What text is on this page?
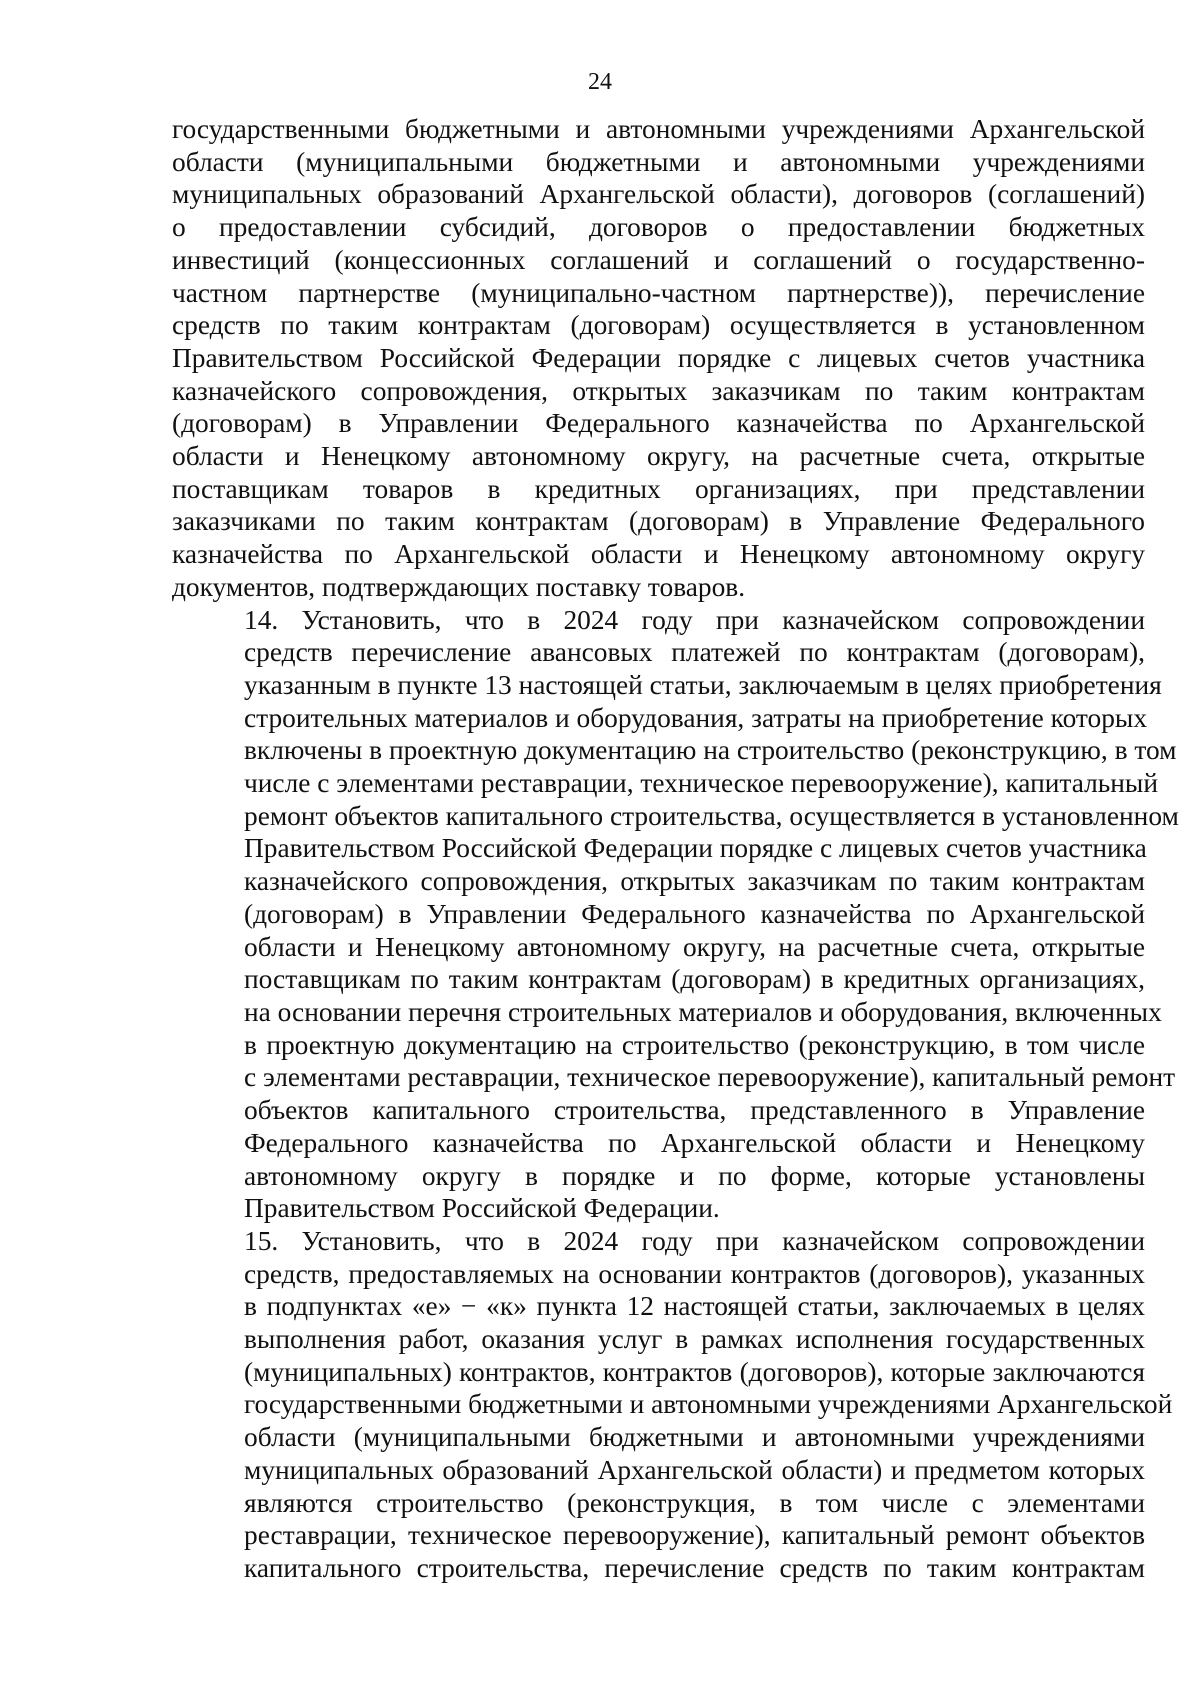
24

государственными бюджетными и автономными учреждениями Архангельской
области (муниципальными бюджетными и автономными учреждениями
муниципальных образований Архангельской области), договоров (соглашений)
о предоставлении субсидий, договоров о предоставлении бюджетных
инвестиций (концессионных соглашений и соглашений о государственно-
частном партнерстве (муниципально-частном партнерстве)), перечисление
средств по таким контрактам (договорам) осуществляется в установленном
Правительством Российской Федерации порядке с лицевых счетов участника
казначейского сопровождения, открытых заказчикам по таким контрактам
(договорам) в Управлении Федерального казначейства по Архангельской
области и Ненецкому автономному округу, на расчетные счета, открытые
поставщикам товаров в кредитных организациях, при представлении
заказчиками по таким контрактам (договорам) в Управление Федерального
казначейства по Архангельской области и Ненецкому автономному округу
документов, подтверждающих поставку товаров.

14. Установить, что в 2024 году при казначейском сопровождении
средств перечисление авансовых платежей по контрактам (договорам),
указанным в пункте 13 настоящей статьи, заключаемым в целях приобретения
строительных материалов и оборудования, затраты на приобретение которых
включены в проектную документацию на строительство (реконструкцию, в том
числе с элементами реставрации, техническое перевооружение), капитальный
ремонт объектов капитального строительства, осуществляется в установленном
Правительством Российской Федерации порядке с лицевых счетов участника
казначейского сопровождения, открытых заказчикам по таким контрактам
(договорам) в Управлении Федерального казначейства по Архангельской
области и Ненецкому автономному округу, на расчетные счета, открытые
поставщикам по таким контрактам (договорам) в кредитных организациях,
на основании перечня строительных материалов и оборудования, включенных
в проектную документацию на строительство (реконструкцию, в том числе
с элементами реставрации, техническое перевооружение), капитальный ремонт
объектов капитального строительства, представленного в Управление
Федерального казначейства по Архангельской области и Ненецкому
автономному округу в порядке и по форме, которые установлены
Правительством Российской Федерации.

15. Установить, что в 2024 году при казначейском сопровождении
средств, предоставляемых на основании контрактов (договоров), указанных
в подпунктах «е» − «к» пункта 12 настоящей статьи, заключаемых в целях
выполнения работ, оказания услуг в рамках исполнения государственных
(муниципальных) контрактов, контрактов (договоров), которые заключаются
государственными бюджетными и автономными учреждениями Архангельской
области (муниципальными бюджетными и автономными учреждениями
муниципальных образований Архангельской области) и предметом которых
являются строительство (реконструкция, в том числе с элементами
реставрации, техническое перевооружение), капитальный ремонт объектов
капитального строительства, перечисление средств по таким контрактам
